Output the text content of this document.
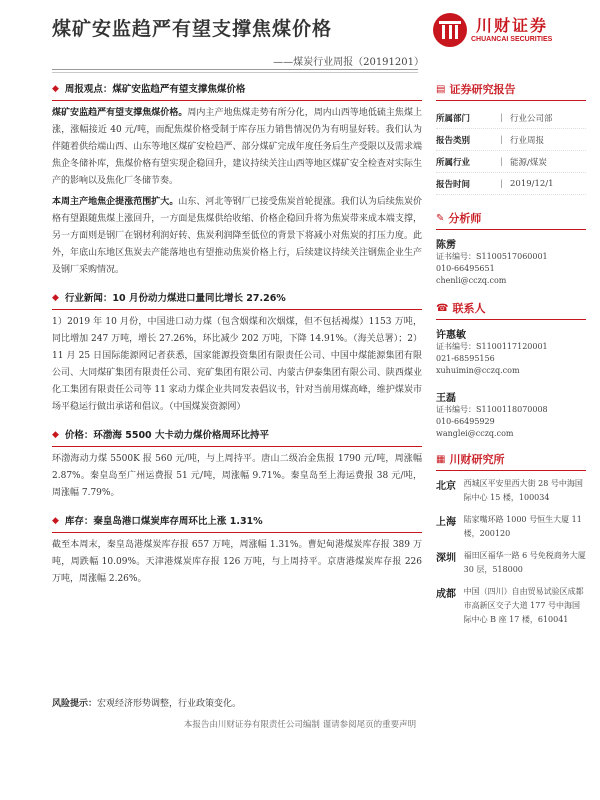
煤矿安监趋严有望支撑焦煤价格
——煤炭行业周报（20191201）
川财证券
CHUANCAI SECURITIES
◆ 周报观点：煤矿安监趋严有望支撑焦煤价格
煤矿安监趋严有望支撑焦煤价格。周内主产地焦煤走势有所分化，周内山西等地低硫主焦煤上涨，涨幅接近 40 元/吨，而配焦煤价格受制于库存压力销售情况仍为有明显好转。我们认为伴随着供给端山西、山东等地区煤矿安检趋严、部分煤矿完成年度任务后生产受限以及需求端焦企冬储补库，焦煤价格有望实现企稳回升，建议持续关注山西等地区煤矿安全检查对实际生产的影响以及焦化厂冬储节奏。
本周主产地焦企提涨范围扩大。山东、河北等钢厂已接受焦炭首轮提涨。我们认为后续焦炭价格有望跟随焦煤上涨回升，一方面是焦煤供给收缩、价格企稳回升将为焦炭带来成本端支撑，另一方面则是钢厂在钢材利润好转、焦炭利润降至低位的背景下将减小对焦炭的打压力度。此外，年底山东地区焦炭去产能落地也有望推动焦炭价格上行，后续建议持续关注钢焦企业生产及钢厂采购情况。
◆ 行业新闻：10 月份动力煤进口量同比增长 27.26%
1）2019 年 10 月份，中国进口动力煤（包含烟煤和次烟煤，但不包括褐煤）1153 万吨，同比增加 247 万吨，增长 27.26%，环比减少 202 万吨，下降 14.91%。（海关总署）；2）11 月 25 日国际能源网记者获悉，国家能源投资集团有限责任公司、中国中煤能源集团有限公司、大同煤矿集团有限责任公司、兖矿集团有限公司、内蒙古伊泰集团有限公司、陕西煤业化工集团有限责任公司等 11 家动力煤企业共同发表倡议书，针对当前用煤高峰，维护煤炭市场平稳运行做出承诺和倡议。（中国煤炭资源网）
◆ 价格：环渤海 5500 大卡动力煤价格周环比持平
环渤海动力煤 5500K 报 560 元/吨，与上周持平。唐山二级冶金焦报 1790 元/吨，周涨幅 2.87%。秦皇岛至广州运费报 51 元/吨，周涨幅 9.71%。秦皇岛至上海运费报 38 元/吨，周涨幅 7.79%。
◆ 库存：秦皇岛港口煤炭库存周环比上涨 1.31%
截至本周末，秦皇岛港煤炭库存报 657 万吨，周涨幅 1.31%。曹妃甸港煤炭库存报 389 万吨，周跌幅 10.09%。天津港煤炭库存报 126 万吨，与上周持平。京唐港煤炭库存报 226 万吨，周涨幅 2.26%。
风险提示：宏观经济形势调整，行业政策变化。
本报告由川财证券有限责任公司编制 谨请参阅尾页的重要声明
▤ 证券研究报告
所属部门	| 行业公司部
报告类别	| 行业周报
所属行业	| 能源/煤炭
报告时间	| 2019/12/1
✎ 分析师
陈雳
证书编号：S1100517060001
010-66495651
chenli@cczq.com
☎ 联系人
许惠敏
证书编号：S1100117120001
021-68595156
xuhuimin@cczq.com
王磊
证书编号：S1100118070008
010-66495929
wanglei@cczq.com
▦ 川财研究所
北京 西城区平安里西大街 28 号中海国际中心 15 楼，100034
上海 陆家嘴环路 1000 号恒生大厦 11 楼，200120
深圳 福田区福华一路 6 号免税商务大厦 30 层，518000
成都 中国（四川）自由贸易试验区成都市高新区交子大道 177 号中海国际中心 B 座 17 楼，610041
